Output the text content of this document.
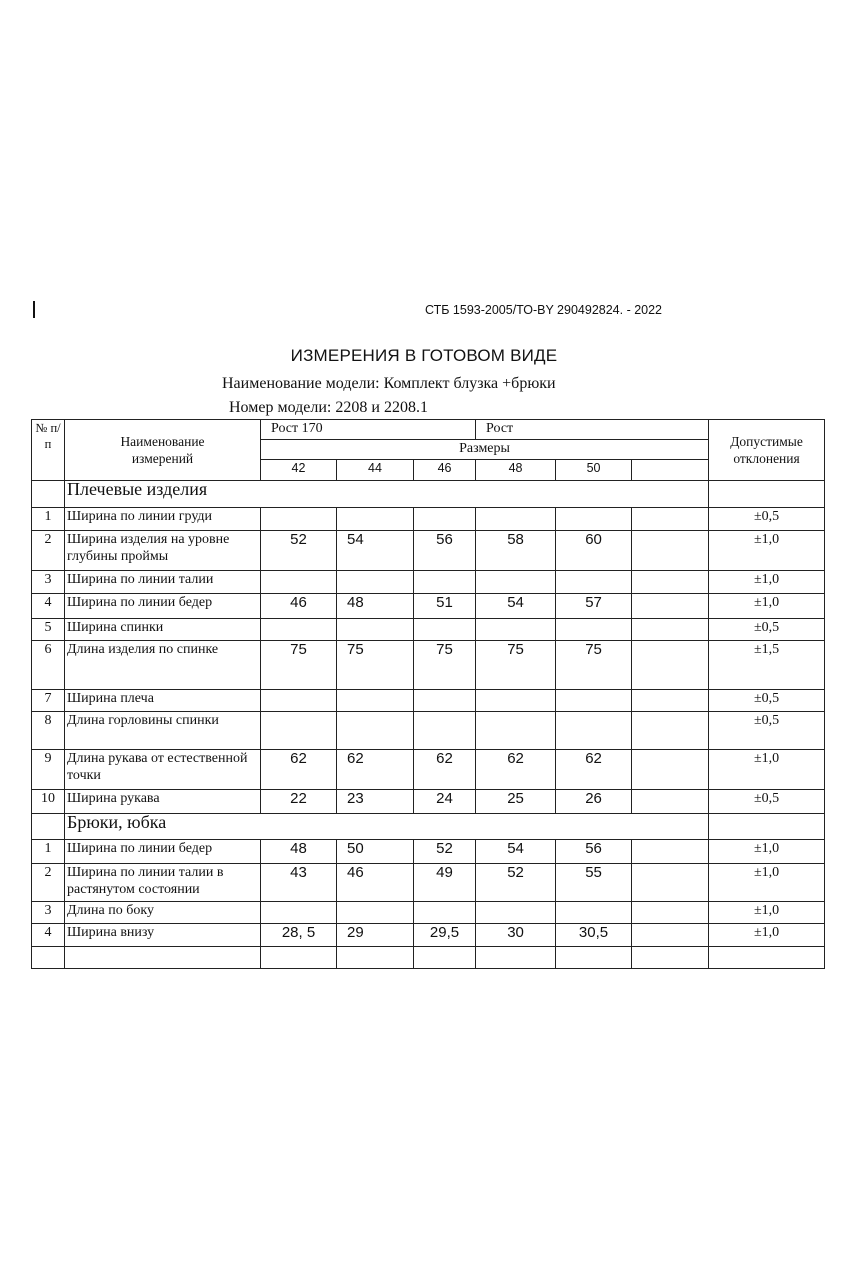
СТБ 1593-2005/ТО-BY 290492824. - 2022
ИЗМЕРЕНИЯ В ГОТОВОМ ВИДЕ
Наименование модели: Комплект блузка +брюки
Номер модели: 2208 и 2208.1
№ п/ п	Наименование измерений	Рост 170			Рост			Допустимые отклонения
		Размеры						
		42	44	46	48	50		
	Плечевые изделия							
1	Ширина по линии груди							±0,5
2	Ширина изделия на уровне глубины проймы	52	54	56	58	60		±1,0
3	Ширина по линии талии							±1,0
4	Ширина по линии бедер	46	48	51	54	57		±1,0
5	Ширина спинки							±0,5
6	Длина изделия по спинке	75	75	75	75	75		±1,5
7	Ширина плеча							±0,5
8	Длина горловины спинки							±0,5
9	Длина рукава от естественной точки	62	62	62	62	62		±1,0
10	Ширина рукава	22	23	24	25	26		±0,5
	Брюки, юбка							
1	Ширина по линии бедер	48	50	52	54	56		±1,0
2	Ширина по линии талии в растянутом состоянии	43	46	49	52	55		±1,0
3	Длина по боку							±1,0
4	Ширина внизу	28, 5	29	29,5	30	30,5		±1,0
